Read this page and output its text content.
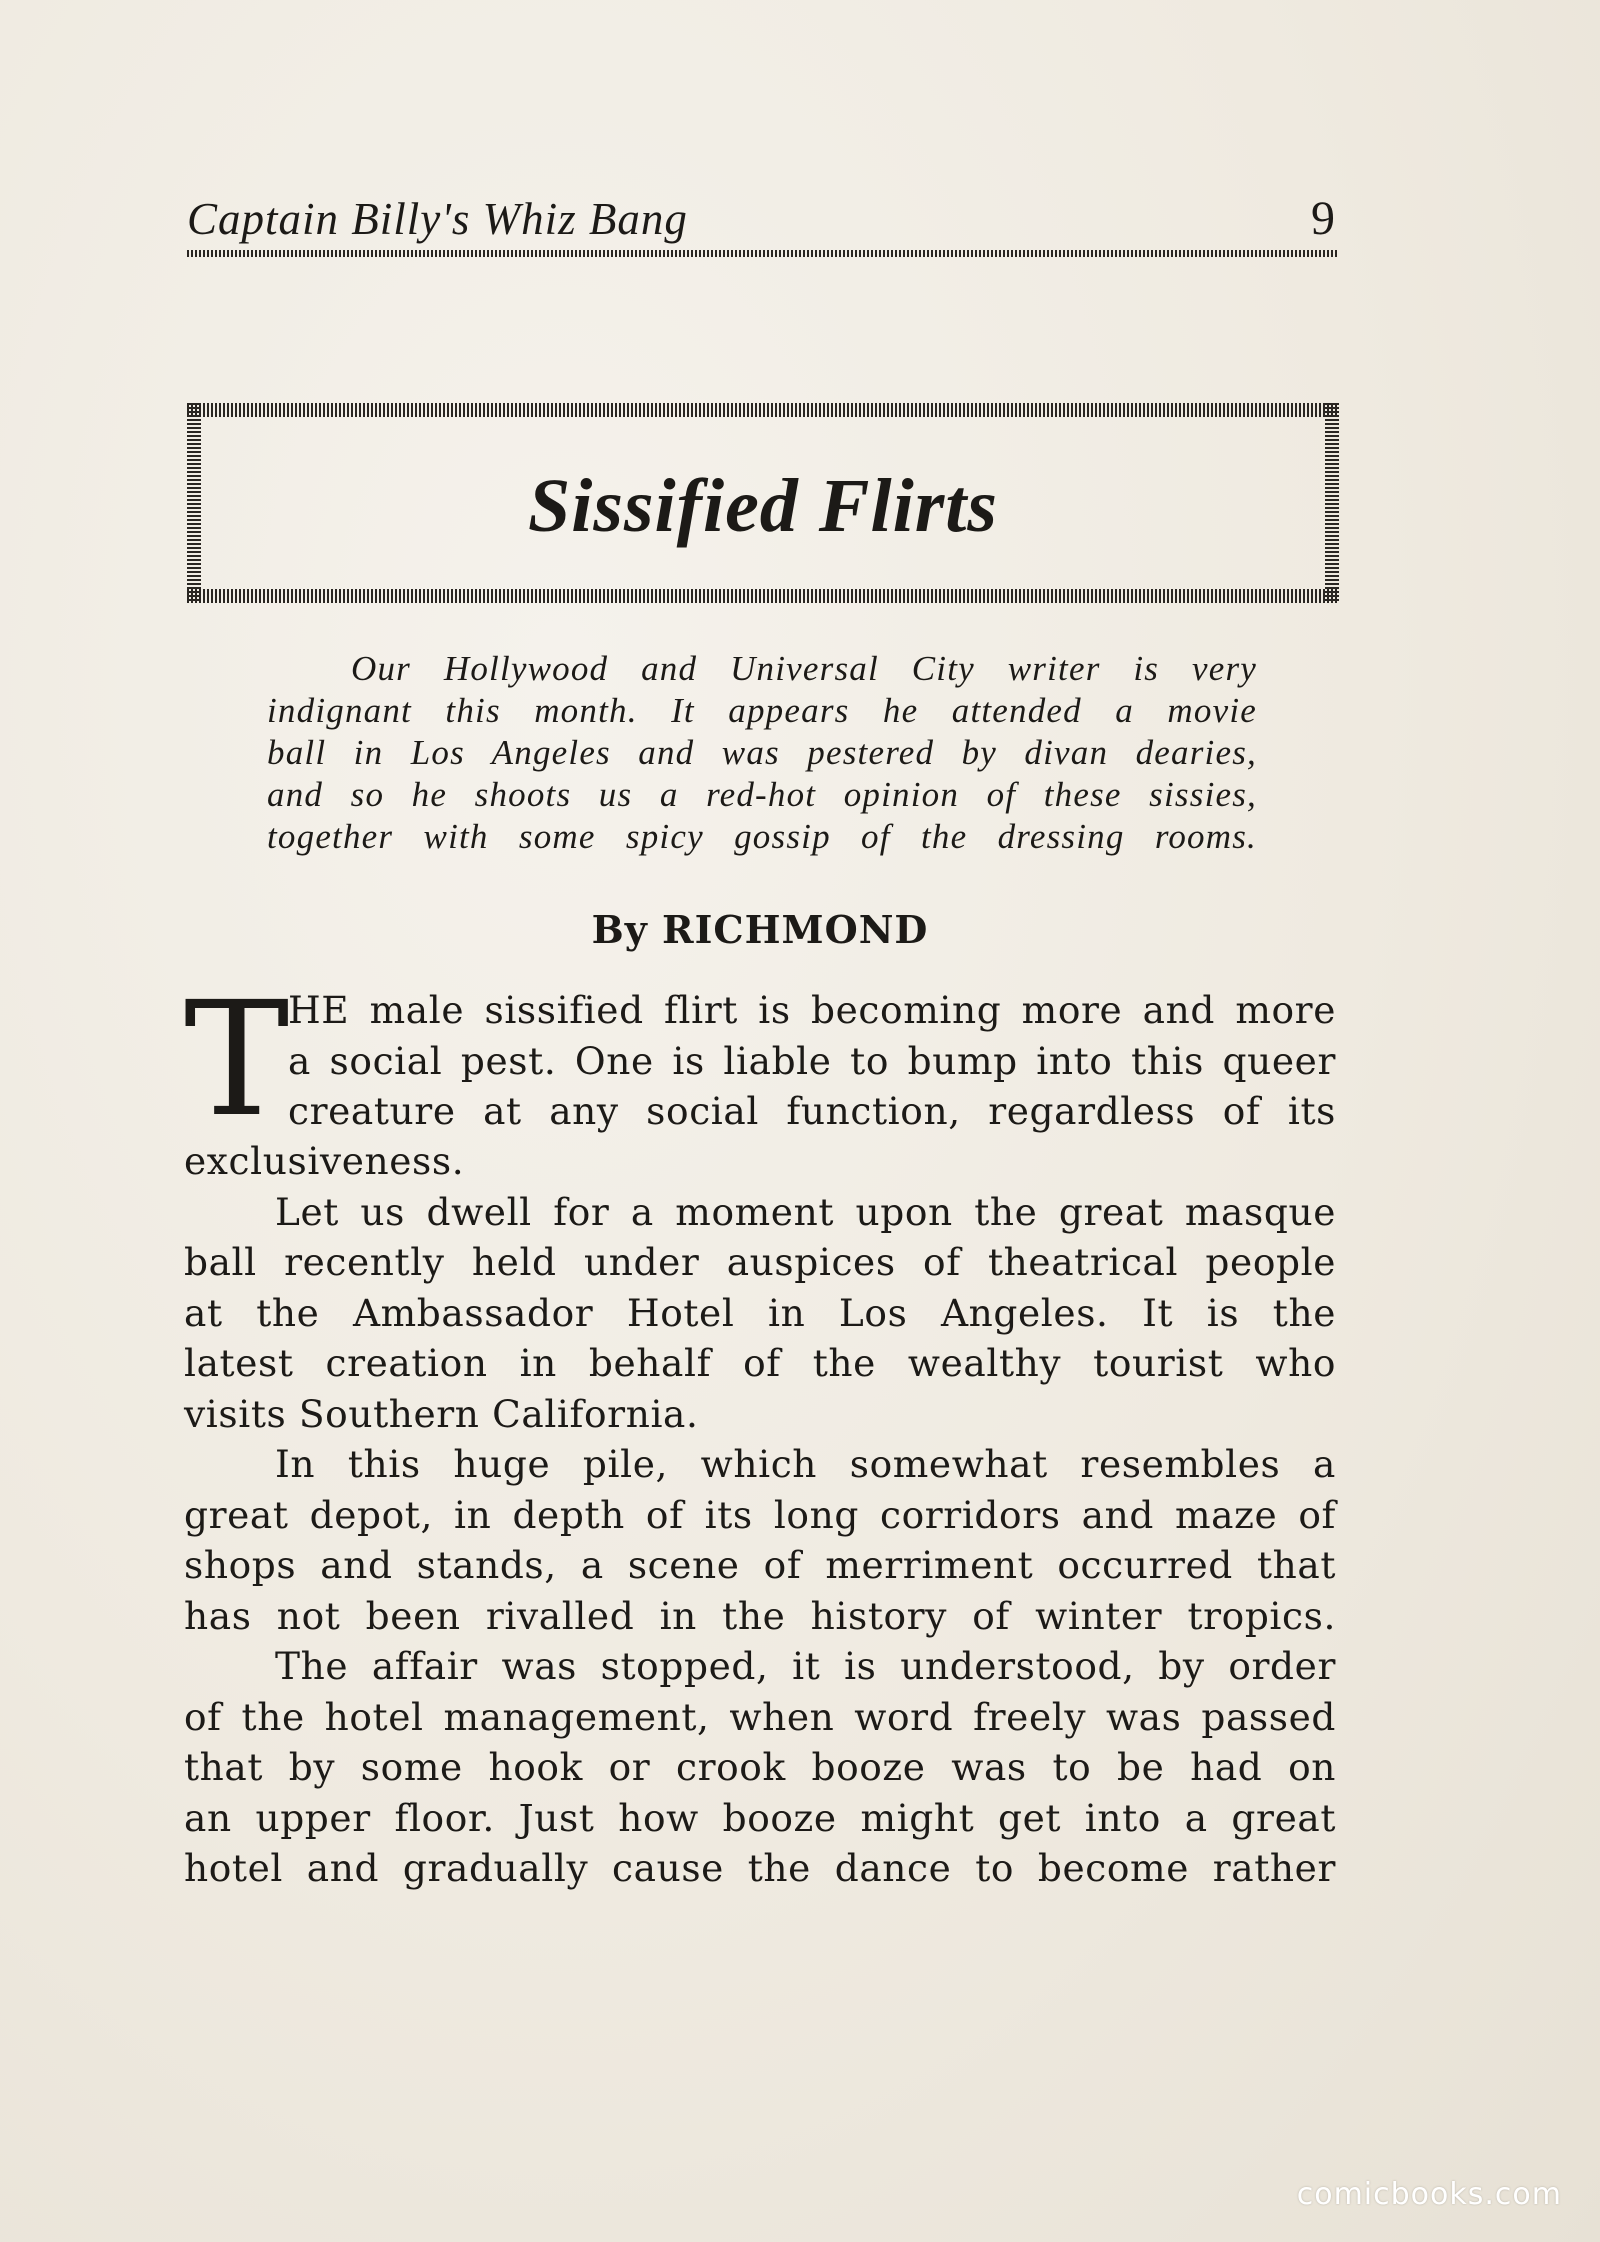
Captain Billy's Whiz Bang	9
Sissified Flirts
Our Hollywood and Universal City writer is very
indignant this month. It appears he attended a movie
ball in Los Angeles and was pestered by divan dearies,
and so he shoots us a red-hot opinion of these sissies,
together with some spicy gossip of the dressing rooms.
By RICHMOND
T
HE male sissified flirt is becoming more and more
a social pest. One is liable to bump into this queer
creature at any social function, regardless of its
exclusiveness.
Let us dwell for a moment upon the great masque
ball recently held under auspices of theatrical people
at the Ambassador Hotel in Los Angeles. It is the
latest creation in behalf of the wealthy tourist who
visits Southern California.
In this huge pile, which somewhat resembles a
great depot, in depth of its long corridors and maze of
shops and stands, a scene of merriment occurred that
has not been rivalled in the history of winter tropics.
The affair was stopped, it is understood, by order
of the hotel management, when word freely was passed
that by some hook or crook booze was to be had on
an upper floor. Just how booze might get into a great
hotel and gradually cause the dance to become rather
comicbooks.com
